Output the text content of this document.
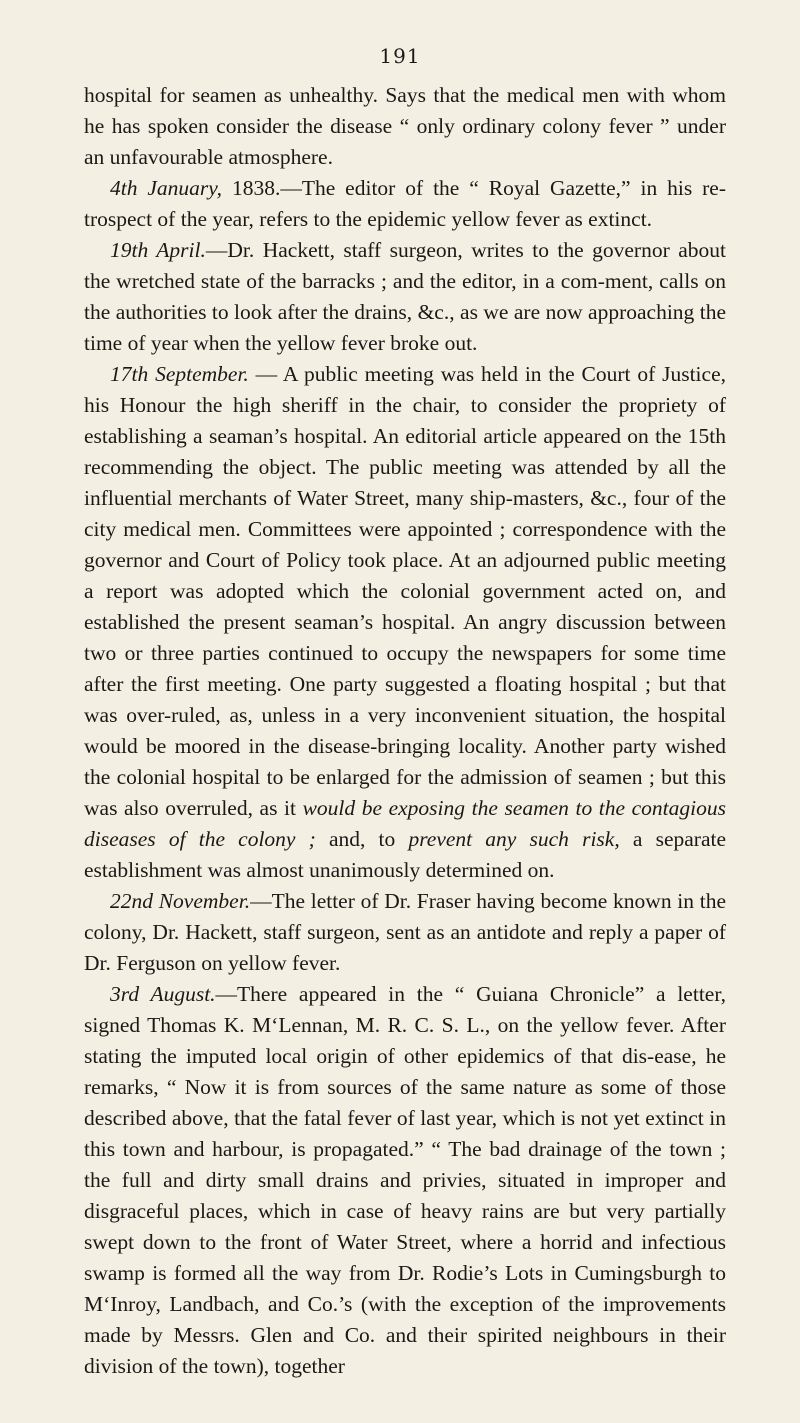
191

hospital for seamen as unhealthy. Says that the medical men with whom he has spoken consider the disease “ only ordinary colony fever ” under an unfavourable atmosphere.

4th January, 1838.—The editor of the “ Royal Gazette,” in his re-trospect of the year, refers to the epidemic yellow fever as extinct.

19th April.—Dr. Hackett, staff surgeon, writes to the governor about the wretched state of the barracks ; and the editor, in a com-ment, calls on the authorities to look after the drains, &c., as we are now approaching the time of year when the yellow fever broke out.

17th September. — A public meeting was held in the Court of Justice, his Honour the high sheriff in the chair, to consider the propriety of establishing a seaman’s hospital. An editorial article appeared on the 15th recommending the object. The public meeting was attended by all the influential merchants of Water Street, many ship-masters, &c., four of the city medical men. Committees were appointed ; correspondence with the governor and Court of Policy took place. At an adjourned public meeting a report was adopted which the colonial government acted on, and established the present seaman’s hospital. An angry discussion between two or three parties continued to occupy the newspapers for some time after the first meeting. One party suggested a floating hospital ; but that was over-ruled, as, unless in a very inconvenient situation, the hospital would be moored in the disease-bringing locality. Another party wished the colonial hospital to be enlarged for the admission of seamen ; but this was also overruled, as it would be exposing the seamen to the contagious diseases of the colony ; and, to prevent any such risk, a separate establishment was almost unanimously determined on.

22nd November.—The letter of Dr. Fraser having become known in the colony, Dr. Hackett, staff surgeon, sent as an antidote and reply a paper of Dr. Ferguson on yellow fever.

3rd August.—There appeared in the “ Guiana Chronicle” a letter, signed Thomas K. M‘Lennan, M. R. C. S. L., on the yellow fever. After stating the imputed local origin of other epidemics of that dis-ease, he remarks, “ Now it is from sources of the same nature as some of those described above, that the fatal fever of last year, which is not yet extinct in this town and harbour, is propagated.” “ The bad drainage of the town ; the full and dirty small drains and privies, situated in improper and disgraceful places, which in case of heavy rains are but very partially swept down to the front of Water Street, where a horrid and infectious swamp is formed all the way from Dr. Rodie’s Lots in Cumingsburgh to M‘Inroy, Landbach, and Co.’s (with the exception of the improvements made by Messrs. Glen and Co. and their spirited neighbours in their division of the town), together
